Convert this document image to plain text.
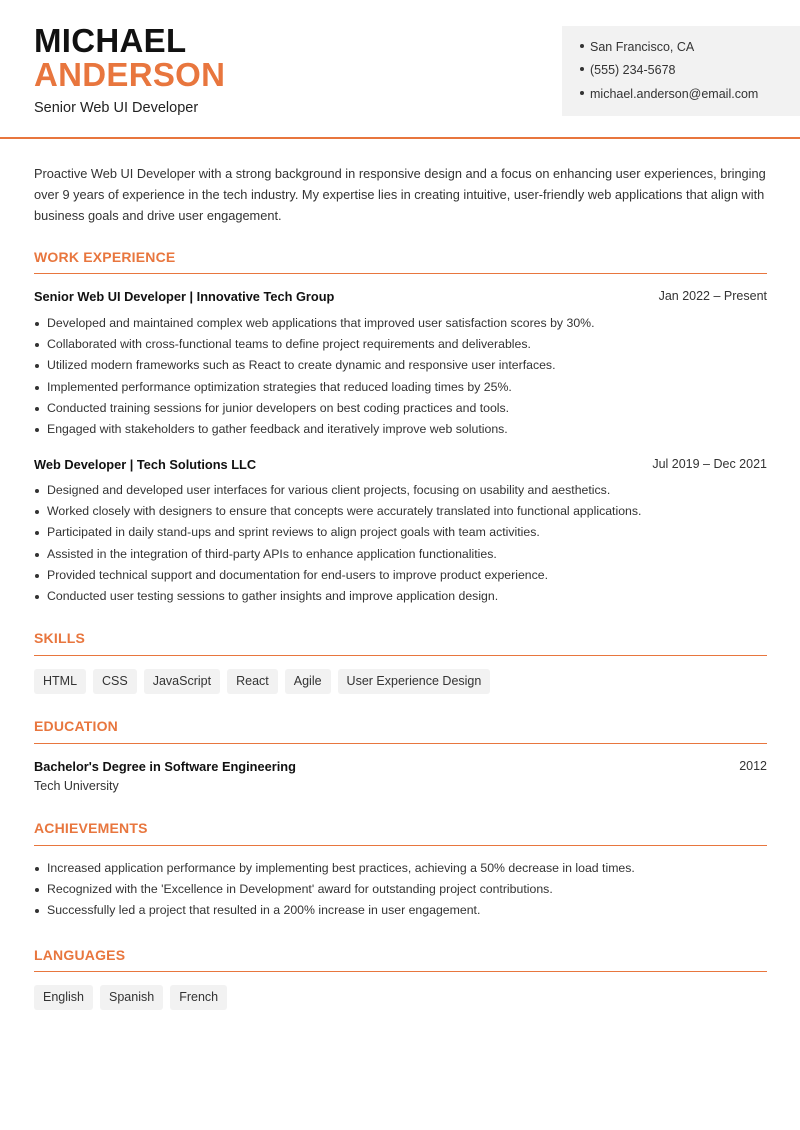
MICHAEL
ANDERSON
Senior Web UI Developer
San Francisco, CA
(555) 234-5678
michael.anderson@email.com
Proactive Web UI Developer with a strong background in responsive design and a focus on enhancing user experiences, bringing over 9 years of experience in the tech industry. My expertise lies in creating intuitive, user-friendly web applications that align with business goals and drive user engagement.
WORK EXPERIENCE
Senior Web UI Developer | Innovative Tech Group	Jan 2022 – Present
Developed and maintained complex web applications that improved user satisfaction scores by 30%.
Collaborated with cross-functional teams to define project requirements and deliverables.
Utilized modern frameworks such as React to create dynamic and responsive user interfaces.
Implemented performance optimization strategies that reduced loading times by 25%.
Conducted training sessions for junior developers on best coding practices and tools.
Engaged with stakeholders to gather feedback and iteratively improve web solutions.
Web Developer | Tech Solutions LLC	Jul 2019 – Dec 2021
Designed and developed user interfaces for various client projects, focusing on usability and aesthetics.
Worked closely with designers to ensure that concepts were accurately translated into functional applications.
Participated in daily stand-ups and sprint reviews to align project goals with team activities.
Assisted in the integration of third-party APIs to enhance application functionalities.
Provided technical support and documentation for end-users to improve product experience.
Conducted user testing sessions to gather insights and improve application design.
SKILLS
HTML	CSS	JavaScript	React	Agile	User Experience Design
EDUCATION
Bachelor's Degree in Software Engineering	2012
Tech University
ACHIEVEMENTS
Increased application performance by implementing best practices, achieving a 50% decrease in load times.
Recognized with the 'Excellence in Development' award for outstanding project contributions.
Successfully led a project that resulted in a 200% increase in user engagement.
LANGUAGES
English	Spanish	French
